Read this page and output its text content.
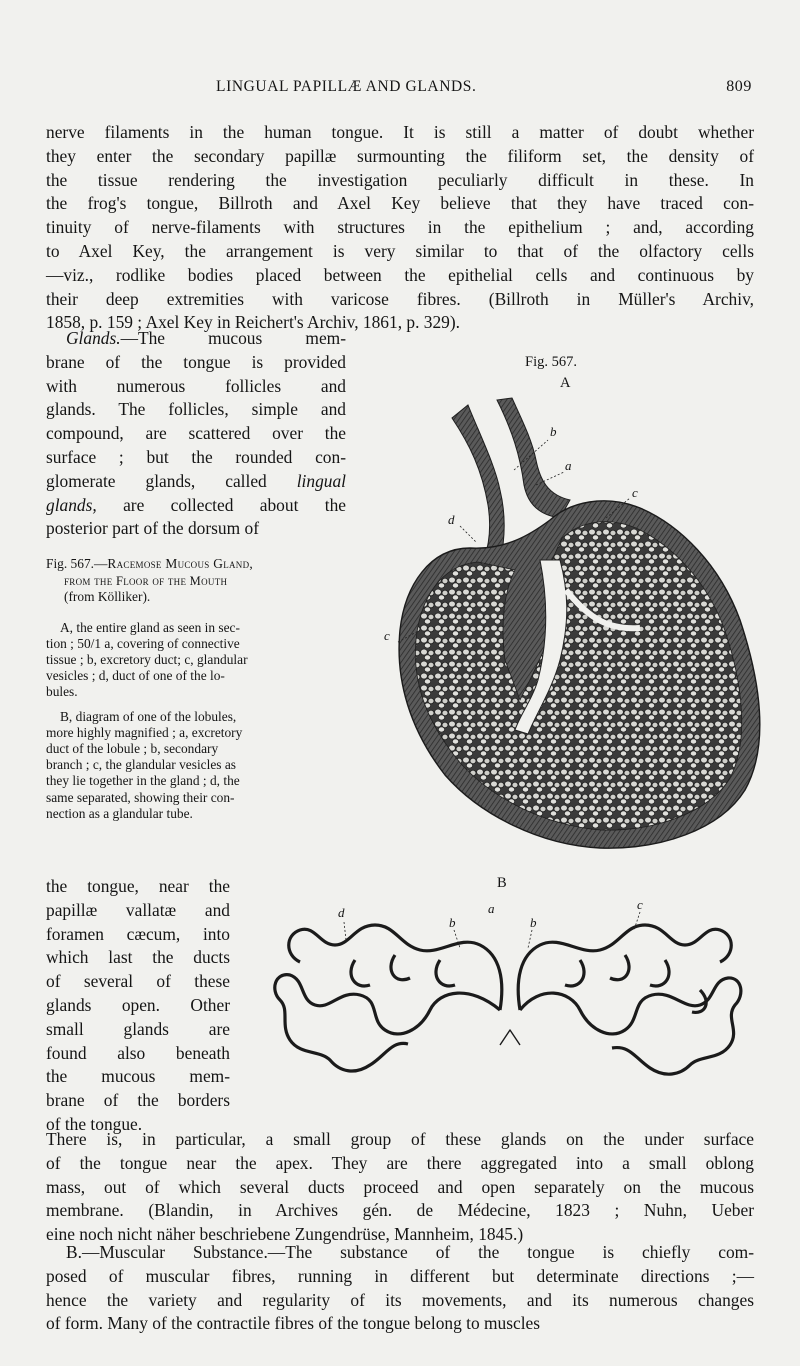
LINGUAL PAPILLÆ AND GLANDS.	809

nerve filaments in the human tongue. It is still a matter of doubt whether
they enter the secondary papillæ surmounting the filiform set, the density of
the tissue rendering the investigation peculiarly difficult in these. In
the frog's tongue, Billroth and Axel Key believe that they have traced con-
tinuity of nerve-filaments with structures in the epithelium ; and, according
to Axel Key, the arrangement is very similar to that of the olfactory cells
—viz., rodlike bodies placed between the epithelial cells and continuous by
their deep extremities with varicose fibres. (Billroth in Müller's Archiv,
1858, p. 159 ; Axel Key in Reichert's Archiv, 1861, p. 329).

Glands.—The mucous mem-
brane of the tongue is provided
with numerous follicles and
glands. The follicles, simple and
compound, are scattered over the
surface ; but the rounded con-
glomerate glands, called lingual
glands, are collected about the
posterior part of the dorsum of

Fig. 567.—Racemose Mucous Gland,
from the Floor of the Mouth
(from Kölliker).
A, the entire gland as seen in sec-
tion ; 50/1 a, covering of connective
tissue ; b, excretory duct; c, glandular
vesicles ; d, duct of one of the lo-
bules.
B, diagram of one of the lobules,
more highly magnified ; a, excretory
duct of the lobule ; b, secondary
branch ; c, the glandular vesicles as
they lie together in the gland ; d, the
same separated, showing their con-
nection as a glandular tube.

the tongue, near the
papillæ vallatæ and
foramen cæcum, into
which last the ducts
of several of these
glands open. Other
small glands are
found also beneath
the mucous mem-
brane of the borders
of the tongue.

There is, in particular, a small group of these glands on the under surface
of the tongue near the apex. They are there aggregated into a small oblong
mass, out of which several ducts proceed and open separately on the mucous
membrane. (Blandin, in Archives gén. de Médecine, 1823 ; Nuhn, Ueber
eine noch nicht näher beschriebene Zungendrüse, Mannheim, 1845.)

B.—Muscular Substance.—The substance of the tongue is chiefly com-
posed of muscular fibres, running in different but determinate directions ;—
hence the variety and regularity of its movements, and its numerous changes
of form. Many of the contractile fibres of the tongue belong to muscles

Fig. 567.
A
B
b
a
c
d
c
d
b
a
b
c
